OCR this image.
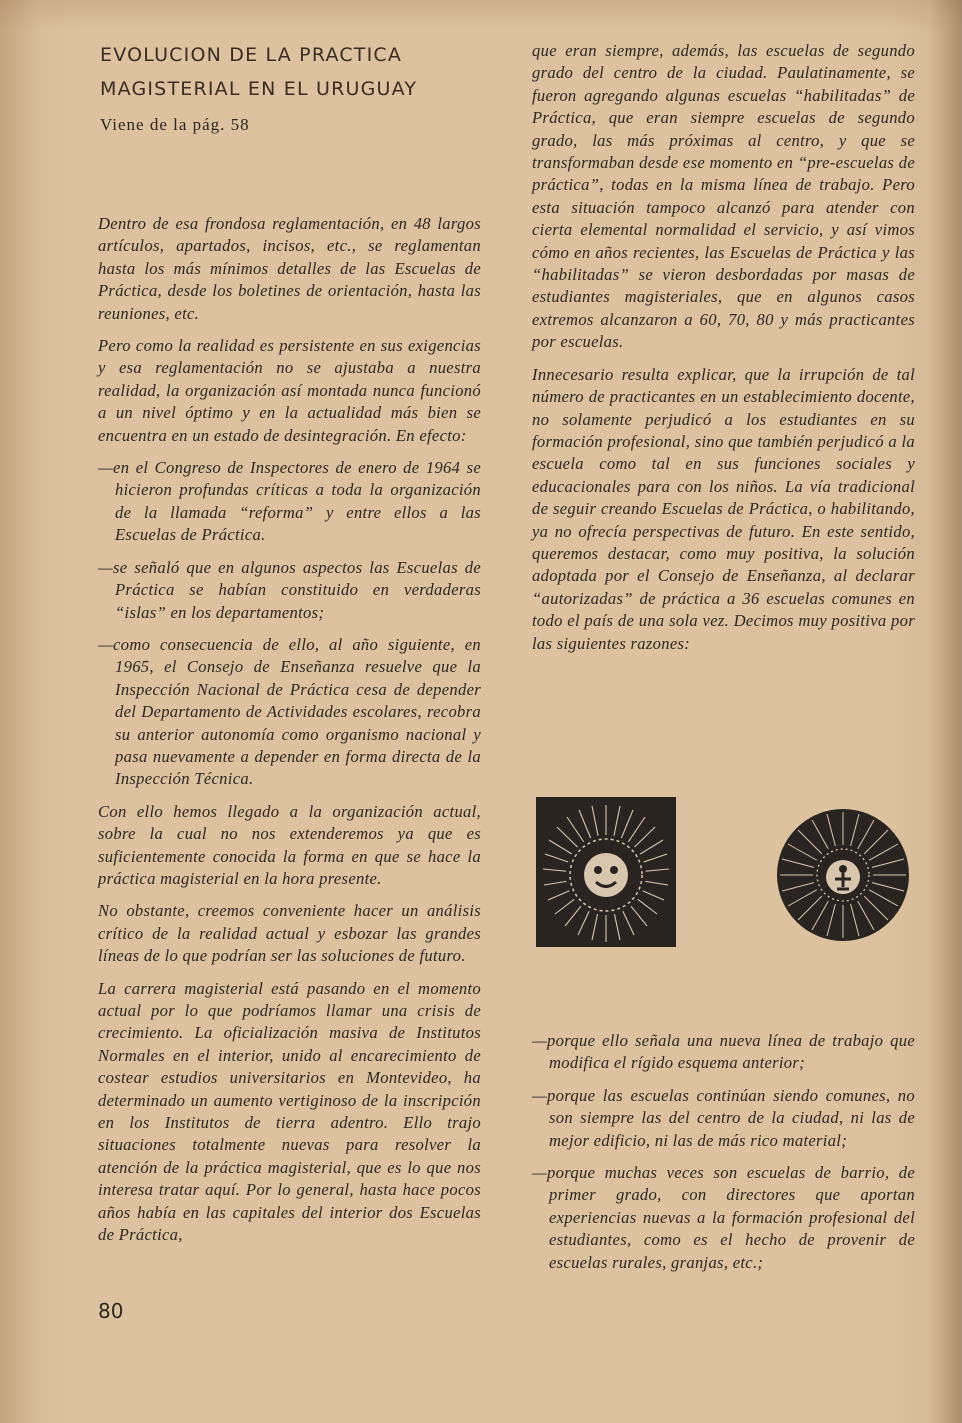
EVOLUCION DE LA PRACTICA
MAGISTERIAL EN EL URUGUAY
Viene de la pág. 58

Dentro de esa frondosa reglamentación, en 48 largos artículos, apartados, incisos, etc., se reglamentan hasta los más mínimos detalles de las Escuelas de Práctica, desde los boletines de orientación, hasta las reuniones, etc.

Pero como la realidad es persistente en sus exigencias y esa reglamentación no se ajustaba a nuestra realidad, la organización así montada nunca funcionó a un nivel óptimo y en la actualidad más bien se encuentra en un estado de desintegración. En efecto:

—en el Congreso de Inspectores de enero de 1964 se hicieron profundas críticas a toda la organización de la llamada “reforma” y entre ellos a las Escuelas de Práctica.

—se señaló que en algunos aspectos las Escuelas de Práctica se habían constituido en verdaderas “islas” en los departamentos;

—como consecuencia de ello, al año siguiente, en 1965, el Consejo de Enseñanza resuelve que la Inspección Nacional de Práctica cesa de depender del Departamento de Actividades escolares, recobra su anterior autonomía como organismo nacional y pasa nuevamente a depender en forma directa de la Inspección Técnica.

Con ello hemos llegado a la organización actual, sobre la cual no nos extenderemos ya que es suficientemente conocida la forma en que se hace la práctica magisterial en la hora presente.

No obstante, creemos conveniente hacer un análisis crítico de la realidad actual y esbozar las grandes líneas de lo que podrían ser las soluciones de futuro.

La carrera magisterial está pasando en el momento actual por lo que podríamos llamar una crisis de crecimiento. La oficialización masiva de Institutos Normales en el interior, unido al encarecimiento de costear estudios universitarios en Montevideo, ha determinado un aumento vertiginoso de la inscripción en los Institutos de tierra adentro. Ello trajo situaciones totalmente nuevas para resolver la atención de la práctica magisterial, que es lo que nos interesa tratar aquí. Por lo general, hasta hace pocos años había en las capitales del interior dos Escuelas de Práctica,

que eran siempre, además, las escuelas de segundo grado del centro de la ciudad. Paulatinamente, se fueron agregando algunas escuelas “habilitadas” de Práctica, que eran siempre escuelas de segundo grado, las más próximas al centro, y que se transformaban desde ese momento en “pre-escuelas de práctica”, todas en la misma línea de trabajo. Pero esta situación tampoco alcanzó para atender con cierta elemental normalidad el servicio, y así vimos cómo en años recientes, las Escuelas de Práctica y las “habilitadas” se vieron desbordadas por masas de estudiantes magisteriales, que en algunos casos extremos alcanzaron a 60, 70, 80 y más practicantes por escuelas.

Innecesario resulta explicar, que la irrupción de tal número de practicantes en un establecimiento docente, no solamente perjudicó a los estudiantes en su formación profesional, sino que también perjudicó a la escuela como tal en sus funciones sociales y educacionales para con los niños. La vía tradicional de seguir creando Escuelas de Práctica, o habilitando, ya no ofrecía perspectivas de futuro. En este sentido, queremos destacar, como muy positiva, la solución adoptada por el Consejo de Enseñanza, al declarar “autorizadas” de práctica a 36 escuelas comunes en todo el país de una sola vez. Decimos muy positiva por las siguientes razones:

—porque ello señala una nueva línea de trabajo que modifica el rígido esquema anterior;

—porque las escuelas continúan siendo comunes, no son siempre las del centro de la ciudad, ni las de mejor edificio, ni las de más rico material;

—porque muchas veces son escuelas de barrio, de primer grado, con directores que aportan experiencias nuevas a la formación profesional del estudiantes, como es el hecho de provenir de escuelas rurales, granjas, etc.;

80
